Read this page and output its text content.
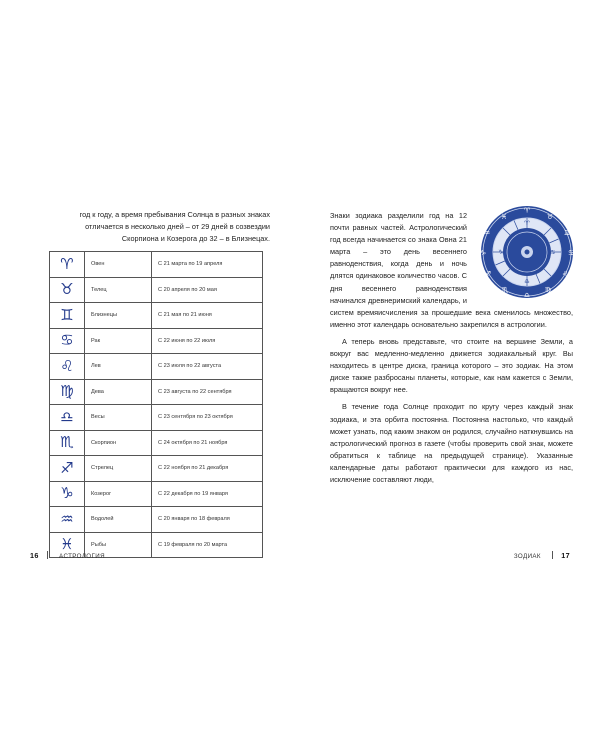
год к году, а время пребывания Солнца в разных знаках отличается в несколько дней – от 29 дней в созвездии Скорпиона и Козерога до 32 – в Близнецах.
♈	Овен	С 21 марта по 19 апреля
♉	Телец	С 20 апреля по 20 мая
♊	Близнецы	С 21 мая по 21 июня
♋	Рак	С 22 июня по 22 июля
♌	Лев	С 23 июля по 22 августа
♍	Дева	С 23 августа по 22 сентября
♎	Весы	С 23 сентября по 23 октября
♏	Скорпион	С 24 октября по 21 ноября
♐	Стрелец	С 22 ноября по 21 декабря
♑	Козерог	С 22 декабря по 19 января
♒	Водолей	С 20 января по 18 февраля
♓	Рыбы	С 19 февраля по 20 марта
16	АСТРОЛОГИЯ
♈
♉
♊
♋
♌
♍
♎
♏
♐
♑
♒
♓
♈
♋
♎
♑

Знаки зодиака разделили год на 12 почти равных частей. Астрологический год всегда начинается со знака Овна 21 марта – это день весеннего равноденствия, когда день и ночь длятся одинаковое количество часов. С дня весеннего равноденствия начинался древнеримский календарь, и систем времяисчисления за прошедшие века сменилось множество, именно этот календарь основательно закрепился в астрологии.

А теперь вновь представьте, что стоите на вершине Земли, а вокруг вас медленно-медленно движется зодиакальный круг. Вы находитесь в центре диска, граница которого – это зодиак. На этом диске также разбросаны планеты, которые, как нам кажется с Земли, вращаются вокруг нее.

В течение года Солнце проходит по кругу через каждый знак зодиака, и эта орбита постоянна. Постоянна настолько, что каждый может узнать, под каким знаком он родился, случайно наткнувшись на астрологический прогноз в газете (чтобы проверить свой знак, можете обратиться к таблице на предыдущей странице). Указанные календарные даты работают практически для каждого из нас, исключение составляют люди,

ЗОДИАК	17
